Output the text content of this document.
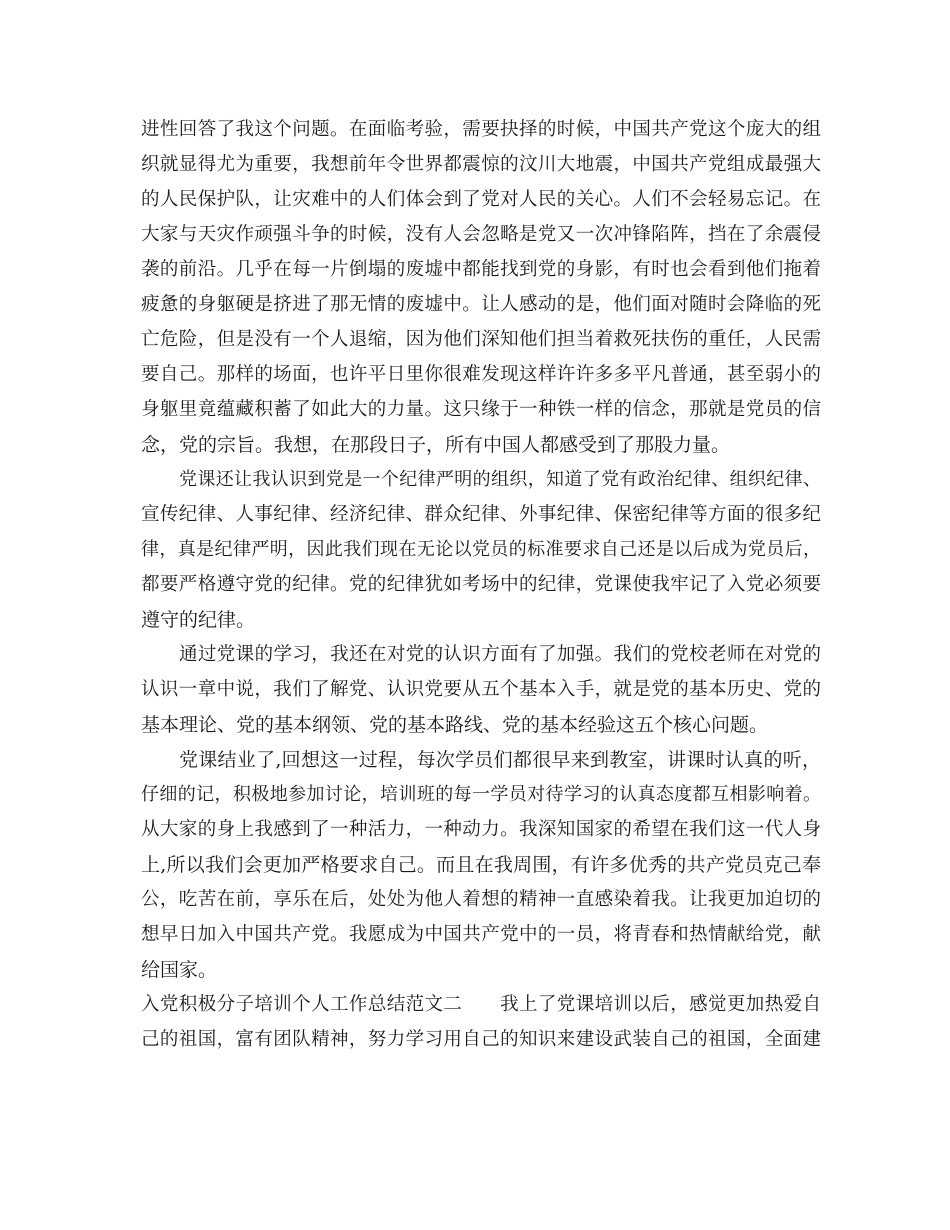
进性回答了我这个问题。在面临考验，需要抉择的时候，中国共产党这个庞大的组
织就显得尤为重要，我想前年令世界都震惊的汶川大地震，中国共产党组成最强大
的人民保护队，让灾难中的人们体会到了党对人民的关心。人们不会轻易忘记。在
大家与天灾作顽强斗争的时候，没有人会忽略是党又一次冲锋陷阵，挡在了余震侵
袭的前沿。几乎在每一片倒塌的废墟中都能找到党的身影，有时也会看到他们拖着
疲惫的身躯硬是挤进了那无情的废墟中。让人感动的是，他们面对随时会降临的死
亡危险，但是没有一个人退缩，因为他们深知他们担当着救死扶伤的重任，人民需
要自己。那样的场面，也许平日里你很难发现这样许许多多平凡普通，甚至弱小的
身躯里竟蕴藏积蓄了如此大的力量。这只缘于一种铁一样的信念，那就是党员的信
念，党的宗旨。我想，在那段日子，所有中国人都感受到了那股力量。
党课还让我认识到党是一个纪律严明的组织，知道了党有政治纪律、组织纪律、
宣传纪律、人事纪律、经济纪律、群众纪律、外事纪律、保密纪律等方面的很多纪
律，真是纪律严明，因此我们现在无论以党员的标准要求自己还是以后成为党员后，
都要严格遵守党的纪律。党的纪律犹如考场中的纪律，党课使我牢记了入党必须要
遵守的纪律。
通过党课的学习，我还在对党的认识方面有了加强。我们的党校老师在对党的
认识一章中说，我们了解党、认识党要从五个基本入手，就是党的基本历史、党的
基本理论、党的基本纲领、党的基本路线、党的基本经验这五个核心问题。
党课结业了,回想这一过程，每次学员们都很早来到教室，讲课时认真的听，
仔细的记，积极地参加讨论，培训班的每一学员对待学习的认真态度都互相影响着。
从大家的身上我感到了一种活力，一种动力。我深知国家的希望在我们这一代人身
上,所以我们会更加严格要求自己。而且在我周围，有许多优秀的共产党员克己奉
公，吃苦在前，享乐在后，处处为他人着想的精神一直感染着我。让我更加迫切的
想早日加入中国共产党。我愿成为中国共产党中的一员，将青春和热情献给党，献
给国家。
入党积极分子培训个人工作总结范文二　　我上了党课培训以后，感觉更加热爱自
己的祖国，富有团队精神，努力学习用自己的知识来建设武装自己的祖国，全面建
